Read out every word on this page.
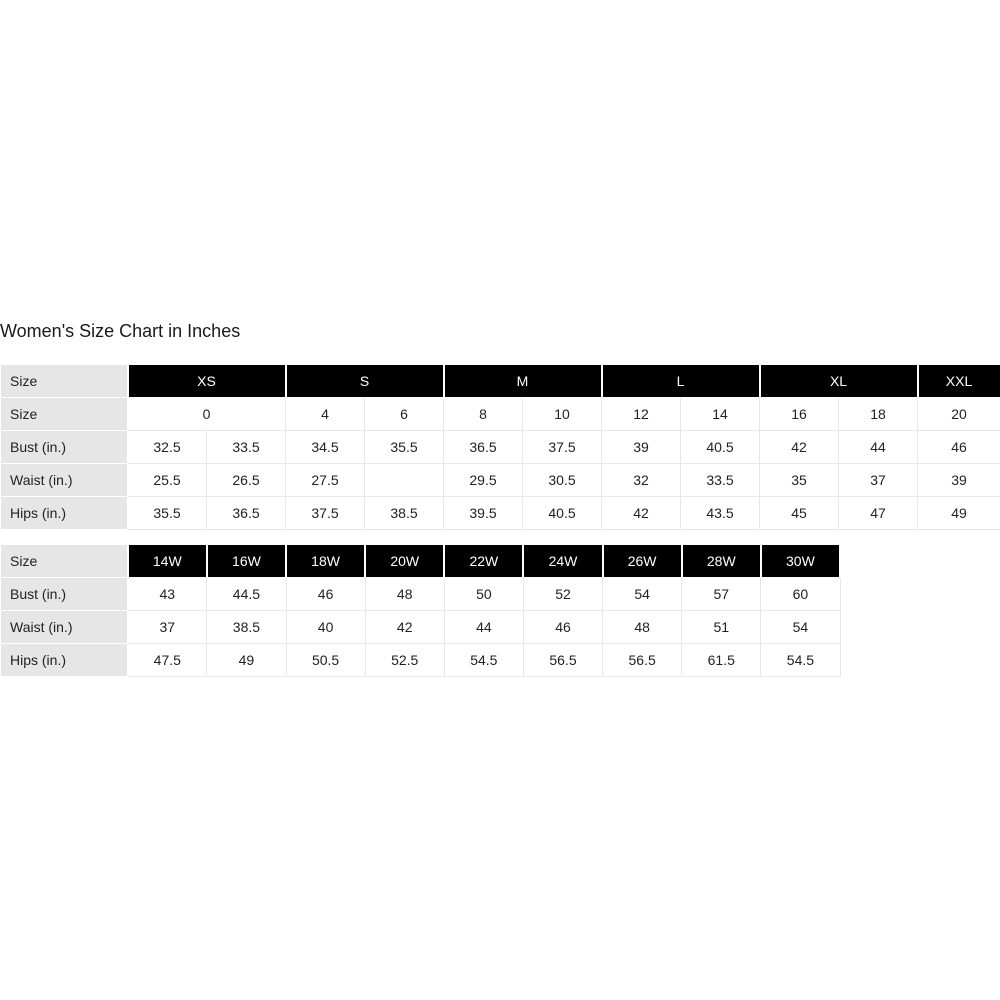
Women's Size Chart in Inches
Size	XS		S		M		L		XL		XXL
Size	0		4	6	8	10	12	14	16	18	20
Bust (in.)	32.5	33.5	34.5	35.5	36.5	37.5	39	40.5	42	44	46
Waist (in.)	25.5	26.5	27.5		29.5	30.5	32	33.5	35	37	39
Hips (in.)	35.5	36.5	37.5	38.5	39.5	40.5	42	43.5	45	47	49
Size	14W	16W	18W	20W	22W	24W	26W	28W	30W
Bust (in.)	43	44.5	46	48	50	52	54	57	60
Waist (in.)	37	38.5	40	42	44	46	48	51	54
Hips (in.)	47.5	49	50.5	52.5	54.5	56.5	56.5	61.5	54.5
